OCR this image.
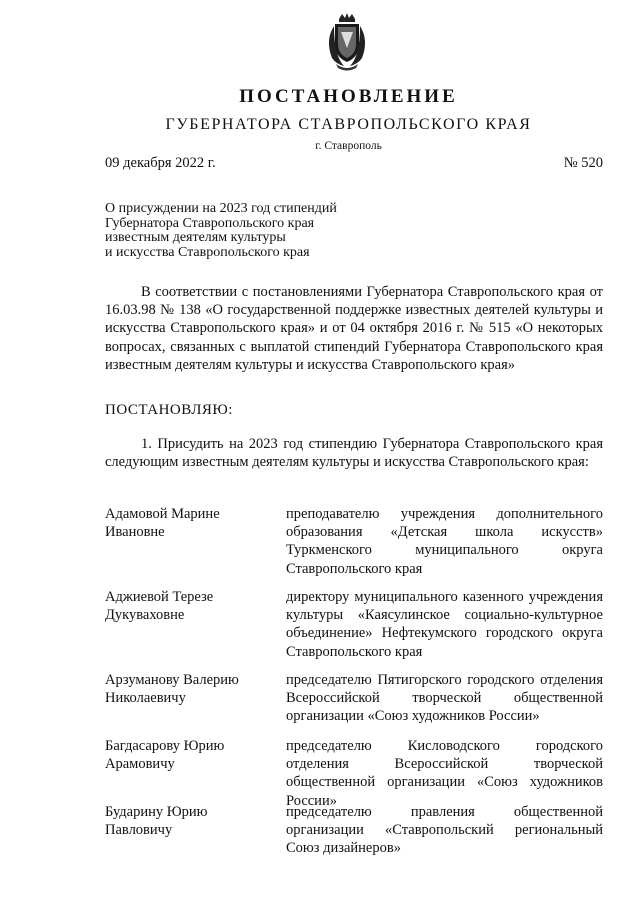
ПОСТАНОВЛЕНИЕ
ГУБЕРНАТОРА СТАВРОПОЛЬСКОГО КРАЯ
г. Ставрополь
09 декабря 2022 г.	№ 520
О присуждении на 2023 год стипендий
Губернатора Ставропольского края
известным деятелям культуры
и искусства Ставропольского края
В соответствии с постановлениями Губернатора Ставропольского края от 16.03.98 № 138 «О государственной поддержке известных деятелей культуры и искусства Ставропольского края» и от 04 октября 2016 г. № 515 «О некоторых вопросах, связанных с выплатой стипендий Губернатора Ставропольского края известным деятелям культуры и искусства Ставропольского края»
ПОСТАНОВЛЯЮ:
1. Присудить на 2023 год стипендию Губернатора Ставропольского края следующим известным деятелям культуры и искусства Ставропольского края:
Адамовой Марине Ивановне
преподавателю учреждения дополнительного образования «Детская школа искусств» Туркменского муниципального округа Ставропольского края
Аджиевой Терезе Дукуваховне
директору муниципального казенного учреждения культуры «Каясулинское социально-культурное объединение» Нефтекумского городского округа Ставропольского края
Арзуманову Валерию Николаевичу
председателю Пятигорского городского отделения Всероссийской творческой общественной организации «Союз художников России»
Багдасарову Юрию Арамовичу
председателю Кисловодского городского отделения Всероссийской творческой общественной организации «Союз художников России»
Бударину Юрию Павловичу
председателю правления общественной организации «Ставропольский региональный Союз дизайнеров»
